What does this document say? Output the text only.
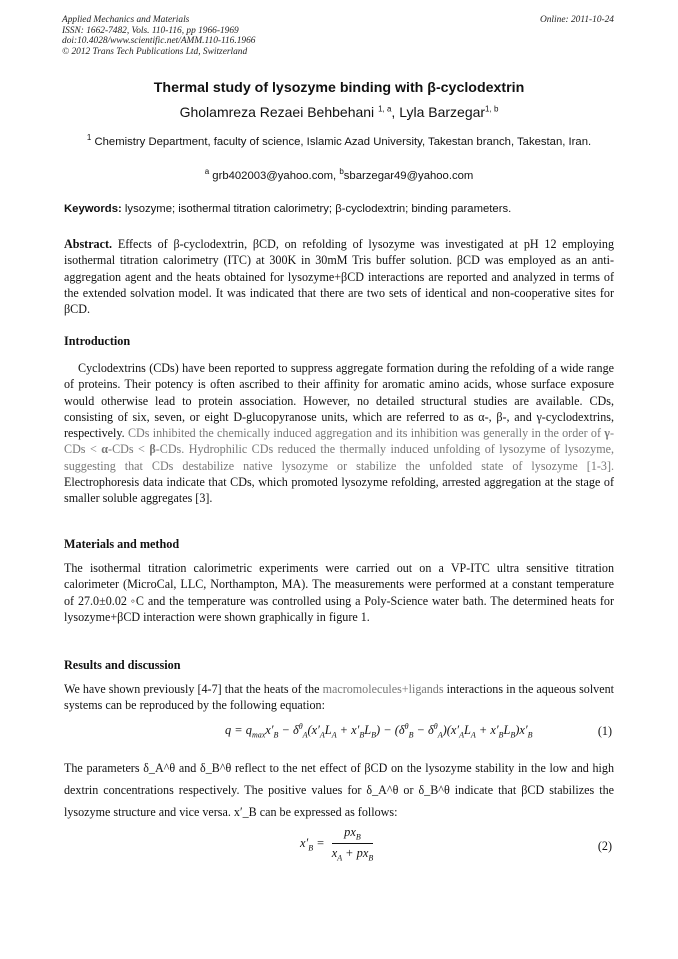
Applied Mechanics and Materials
ISSN: 1662-7482, Vols. 110-116, pp 1966-1969
doi:10.4028/www.scientific.net/AMM.110-116.1966
© 2012 Trans Tech Publications Ltd, Switzerland
Online: 2011-10-24
Thermal study of lysozyme binding with β-cyclodextrin
Gholamreza Rezaei Behbehani $^{1, a}$, Lyla Barzegar$^{1, b}$
$^1$ Chemistry Department, faculty of science, Islamic Azad University, Takestan branch, Takestan, Iran.
$^a$ grb402003@yahoo.com, $^b$sbarzegar49@yahoo.com
Keywords: lysozyme; isothermal titration calorimetry; β-cyclodextrin; binding parameters.

Abstract. Effects of β-cyclodextrin, βCD, on refolding of lysozyme was investigated at pH 12 employing isothermal titration calorimetry (ITC) at 300K in 30mM Tris buffer solution. βCD was employed as an anti-aggregation agent and the heats obtained for lysozyme+βCD interactions are reported and analyzed in terms of the extended solvation model. It was indicated that there are two sets of identical and non-cooperative sites for βCD.

Introduction

Cyclodextrins (CDs) have been reported to suppress aggregate formation during the refolding of a wide range of proteins. Their potency is often ascribed to their affinity for aromatic amino acids, whose surface exposure would otherwise lead to protein association. However, no detailed structural studies are available. CDs, consisting of six, seven, or eight D-glucopyranose units, which are referred to as α-, β-, and γ-cyclodextrins, respectively. CDs inhibited the chemically induced aggregation and its inhibition was generally in the order of γ-CDs < α-CDs < β-CDs. Hydrophilic CDs reduced the thermally induced unfolding of lysozyme of lysozyme, suggesting that CDs destabilize native lysozyme or stabilize the unfolded state of lysozyme [1-3]. Electrophoresis data indicate that CDs, which promoted lysozyme refolding, arrested aggregation at the stage of smaller soluble aggregates [3].

Materials and method

The isothermal titration calorimetric experiments were carried out on a VP-ITC ultra sensitive titration calorimeter (MicroCal, LLC, Northampton, MA). The measurements were performed at a constant temperature of 27.0±0.02 ◦C and the temperature was controlled using a Poly-Science water bath. The determined heats for lysozyme+βCD interaction were shown graphically in figure 1.

Results and discussion

We have shown previously [4-7] that the heats of the macromolecules+ligands interactions in the aqueous solvent systems can be reproduced by the following equation:

$q = q_{max}x'_B - \delta^\theta_A(x'_AL_A + x'_BL_B) - (\delta^\theta_B - \delta^\theta_A)(x'_AL_A + x'_BL_B)x'_B$	(1)

The parameters δ_A^θ and δ_B^θ reflect to the net effect of βCD on the lysozyme stability in the low and high dextrin concentrations respectively. The positive values for δ_A^θ or δ_B^θ indicate that βCD stabilizes the lysozyme structure and vice versa. x′_B can be expressed as follows:

$x'_B = \frac{px_B}{x_A + px_B}$	(2)
